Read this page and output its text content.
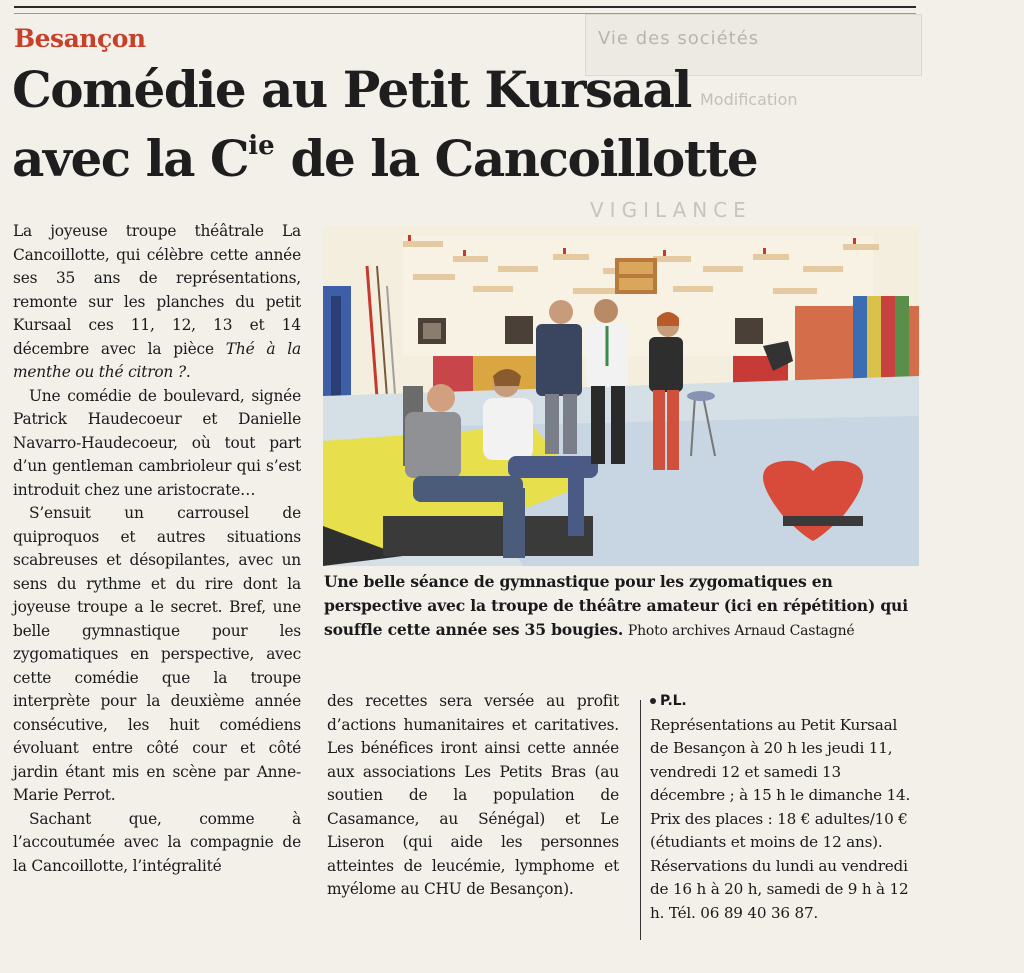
Vie des sociétés
Modification
VIGILANCE
Besançon
Comédie au Petit Kursaal
avec la $C^{ie}$ de la Cancoillotte

La joyeuse troupe théâtrale La Cancoillotte, qui célèbre cette année ses 35 ans de représentations, remonte sur les planches du petit Kursaal ces 11, 12, 13 et 14 décembre avec la pièce Thé à la menthe ou thé citron ?.

Une comédie de boulevard, signée Patrick Haudecoeur et Danielle Navarro-Haudecoeur, où tout part d’un gentleman cambrioleur qui s’est introduit chez une aristocrate…

S’ensuit un carrousel de quiproquos et autres situations scabreuses et désopilantes, avec un sens du rythme et du rire dont la joyeuse troupe a le secret. Bref, une belle gymnastique pour les zygomatiques en perspective, avec cette comédie que la troupe interprète pour la deuxième année consécutive, les huit comédiens évoluant entre côté cour et côté jardin étant mis en scène par Anne-Marie Perrot.

Sachant que, comme à l’accoutumée avec la compagnie de la Cancoillotte, l’intégralité

Une belle séance de gymnastique pour les zygomatiques en perspective avec la troupe de théâtre amateur (ici en répétition) qui souffle cette année ses 35 bougies. Photo archives Arnaud Castagné

des recettes sera versée au profit d’actions humanitaires et caritatives. Les bénéfices iront ainsi cette année aux associations Les Petits Bras (au soutien de la population de Casamance, au Sénégal) et Le Liseron (qui aide les personnes atteintes de leucémie, lymphome et myélome au CHU de Besançon).

P.L.

Représentations au Petit Kursaal de Besançon à 20 h les jeudi 11, vendredi 12 et samedi 13 décembre ; à 15 h le dimanche 14. Prix des places : 18 € adultes/10 € (étudiants et moins de 12 ans). Réservations du lundi au vendredi de 16 h à 20 h, samedi de 9 h à 12 h. Tél. 06 89 40 36 87.
